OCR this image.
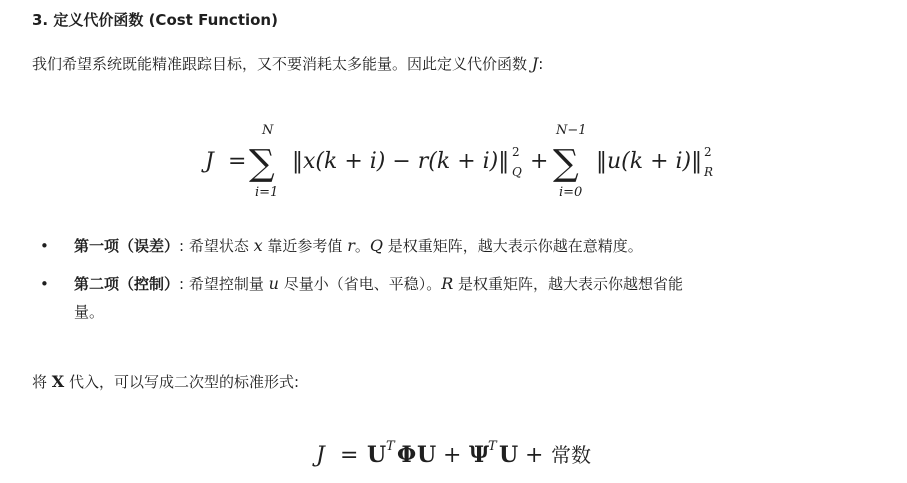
3. 定义代价函数 (Cost Function)

我们希望系统既能精准跟踪目标，又不要消耗太多能量。因此定义代价函数 J:

J =
N
∑
i=1
‖x(k + i) − r(k + i)‖ 2
Q +
N−1
∑
i=0
‖u(k + i)‖ 2
R
• 第一项（误差）: 希望状态 x 靠近参考值 r。Q 是权重矩阵，越大表示你越在意精度。
• 第二项（控制）: 希望控制量 u 尽量小（省电、平稳）。R 是权重矩阵，越大表示你越想省能
量。

将 X 代入，可以写成二次型的标准形式:

J = U T Φ U + Ψ
T U + 常数
